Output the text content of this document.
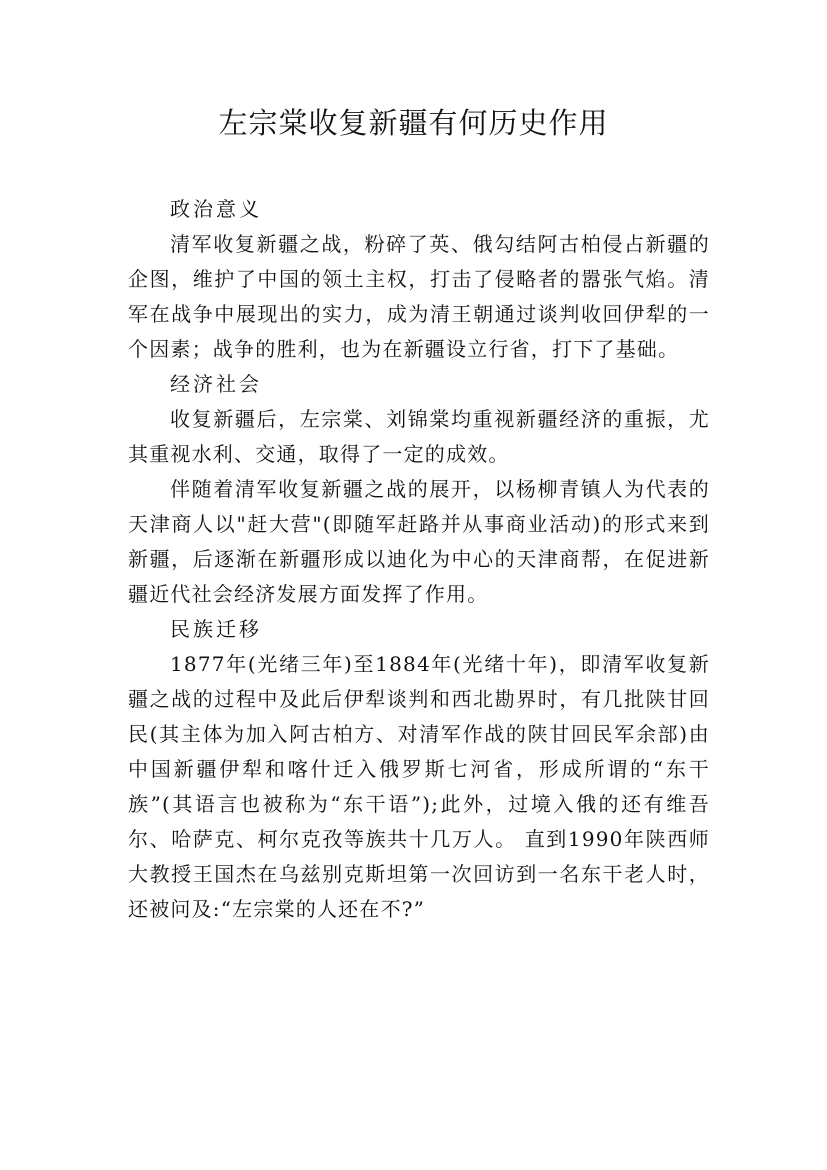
左宗棠收复新疆有何历史作用

政治意义

清军收复新疆之战，粉碎了英、俄勾结阿古柏侵占新疆的企图，维护了中国的领土主权，打击了侵略者的嚣张气焰。清军在战争中展现出的实力，成为清王朝通过谈判收回伊犁的一个因素；战争的胜利，也为在新疆设立行省，打下了基础。

经济社会

收复新疆后，左宗棠、刘锦棠均重视新疆经济的重振，尤其重视水利、交通，取得了一定的成效。

伴随着清军收复新疆之战的展开，以杨柳青镇人为代表的天津商人以"赶大营"(即随军赶路并从事商业活动)的形式来到新疆，后逐渐在新疆形成以迪化为中心的天津商帮，在促进新疆近代社会经济发展方面发挥了作用。

民族迁移

1877年(光绪三年)至1884年(光绪十年)，即清军收复新疆之战的过程中及此后伊犁谈判和西北勘界时，有几批陕甘回民(其主体为加入阿古柏方、对清军作战的陕甘回民军余部)由中国新疆伊犁和喀什迁入俄罗斯七河省，形成所谓的“东干族”(其语言也被称为“东干语”);此外，过境入俄的还有维吾尔、哈萨克、柯尔克孜等族共十几万人。 直到1990年陕西师大教授王国杰在乌兹别克斯坦第一次回访到一名东干老人时，还被问及:“左宗棠的人还在不?”
